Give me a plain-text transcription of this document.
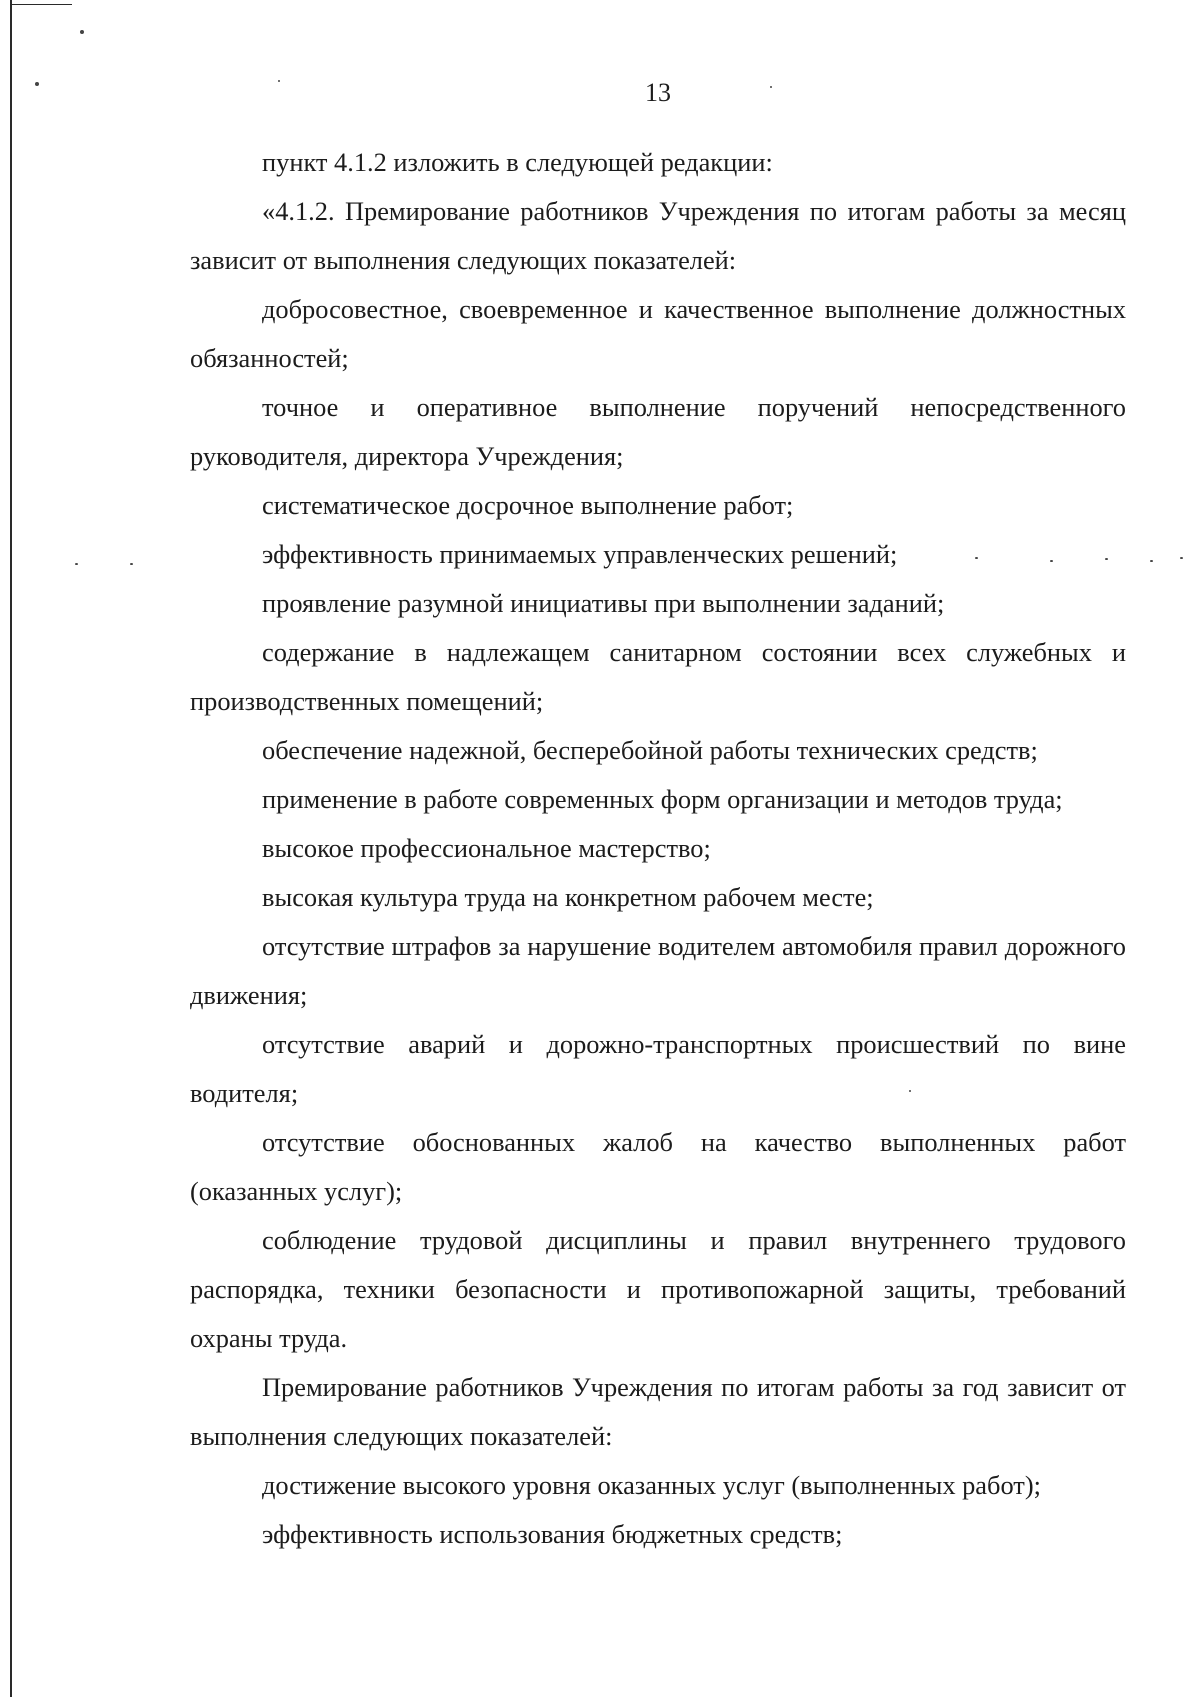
13

пункт 4.1.2 изложить в следующей редакции:

«4.1.2. Премирование работников Учреждения по итогам работы за месяц зависит от выполнения следующих показателей:

добросовестное, своевременное и качественное выполнение должностных обязанностей;

точное и оперативное выполнение поручений непосредственного руководителя, директора Учреждения;

систематическое досрочное выполнение работ;

эффективность принимаемых управленческих решений;

проявление разумной инициативы при выполнении заданий;

содержание в надлежащем санитарном состоянии всех служебных и производственных помещений;

обеспечение надежной, бесперебойной работы технических средств;

применение в работе современных форм организации и методов труда;

высокое профессиональное мастерство;

высокая культура труда на конкретном рабочем месте;

отсутствие штрафов за нарушение водителем автомобиля правил дорожного движения;

отсутствие аварий и дорожно-транспортных происшествий по вине водителя;

отсутствие обоснованных жалоб на качество выполненных работ (оказанных услуг);

соблюдение трудовой дисциплины и правил внутреннего трудового распорядка, техники безопасности и противопожарной защиты, требований охраны труда.

Премирование работников Учреждения по итогам работы за год зависит от выполнения следующих показателей:

достижение высокого уровня оказанных услуг (выполненных работ);

эффективность использования бюджетных средств;
